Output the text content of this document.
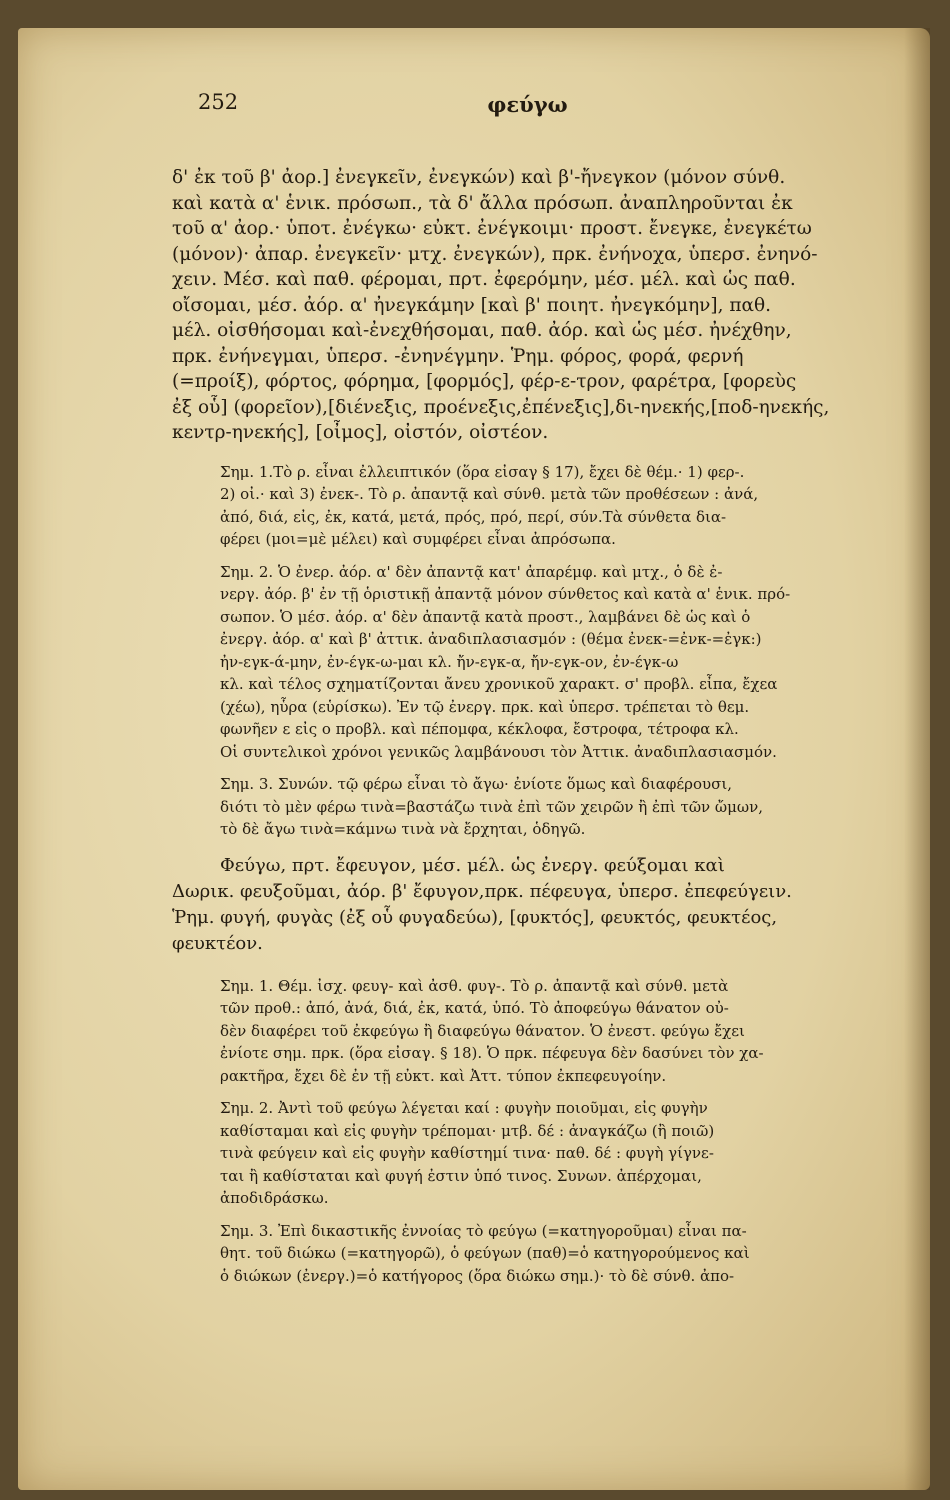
252	φεύγω
δ' ἐκ τοῦ β' ἀορ.] ἐνεγκεῖν, ἐνεγκών) καὶ β'-ἤνεγκον (μόνον σύνθ.
καὶ κατὰ α' ἑνικ. πρόσωπ., τὰ δ' ἄλλα πρόσωπ. ἀναπληροῦνται ἐκ
τοῦ α' ἀορ.· ὑποτ. ἐνέγκω· εὐκτ. ἐνέγκοιμι· προστ. ἔνεγκε, ἐνεγκέτω
(μόνον)· ἀπαρ. ἐνεγκεῖν· μτχ. ἐνεγκών), πρκ. ἐνήνοχα, ὑπερσ. ἐνηνό-
χειν. Μέσ. καὶ παθ. φέρομαι, πρτ. ἐφερόμην, μέσ. μέλ. καὶ ὡς παθ.
οἴσομαι, μέσ. ἀόρ. α' ἠνεγκάμην [καὶ β' ποιητ. ἠνεγκόμην], παθ.
μέλ. οἰσθήσομαι καὶ-ἐνεχθήσομαι, παθ. ἀόρ. καὶ ὡς μέσ. ἠνέχθην,
πρκ. ἐνήνεγμαι, ὑπερσ. -ἐνηνέγμην. Ῥημ. φόρος, φορά, φερνή
(=προίξ), φόρτος, φόρημα, [φορμός], φέρ-ε-τρον, φαρέτρα, [φορεὺς
ἐξ οὗ] (φορεῖον),[διένεξις, προένεξις,ἐπένεξις],δι-ηνεκής,[ποδ-ηνεκής,
κεντρ-ηνεκής], [οἶμος], οἰστόν, οἰστέον.
Σημ. 1.Τὸ ρ. εἶναι ἐλλειπτικόν (ὅρα εἰσαγ § 17), ἔχει δὲ θέμ.· 1) φερ-.
2) οἰ.· καὶ 3) ἐνεκ-. Τὸ ρ. ἀπαντᾷ καὶ σύνθ. μετὰ τῶν προθέσεων : ἀνά,
ἀπό, διά, εἰς, ἐκ, κατά, μετά, πρός, πρό, περί, σύν.Τὰ σύνθετα δια-
φέρει (μοι=μὲ μέλει) καὶ συμφέρει εἶναι ἀπρόσωπα.
Σημ. 2. Ὁ ἐνερ. ἀόρ. α' δὲν ἀπαντᾷ κατ' ἀπαρέμφ. καὶ μτχ., ὁ δὲ ἐ-
νεργ. ἀόρ. β' ἐν τῇ ὁριστικῇ ἀπαντᾷ μόνον σύνθετος καὶ κατὰ α' ἑνικ. πρό-
σωπον. Ὁ μέσ. ἀόρ. α' δὲν ἀπαντᾷ κατὰ προστ., λαμβάνει δὲ ὡς καὶ ὁ
ἐνεργ. ἀόρ. α' καὶ β' ἀττικ. ἀναδιπλασιασμόν : (θέμα ἐνεκ-=ἐνκ-=ἐγκ:)
ἠν-εγκ-ά-μην, ἐν-έγκ-ω-μαι κλ. ἤν-εγκ-α, ἤν-εγκ-ον, ἐν-έγκ-ω
κλ. καὶ τέλος σχηματίζονται ἄνευ χρονικοῦ χαρακτ. σ' προβλ. εἶπα, ἔχεα
(χέω), ηὗρα (εὑρίσκω). Ἐν τῷ ἐνεργ. πρκ. καὶ ὑπερσ. τρέπεται τὸ θεμ.
φωνῆεν ε εἰς ο προβλ. καὶ πέπομφα, κέκλοφα, ἔστροφα, τέτροφα κλ.
Οἱ συντελικοὶ χρόνοι γενικῶς λαμβάνουσι τὸν Ἀττικ. ἀναδιπλασιασμόν.
Σημ. 3. Συνών. τῷ φέρω εἶναι τὸ ἄγω· ἐνίοτε ὅμως καὶ διαφέρουσι,
διότι τὸ μὲν φέρω τινὰ=βαστάζω τινὰ ἐπὶ τῶν χειρῶν ἢ ἐπὶ τῶν ὤμων,
τὸ δὲ ἄγω τινὰ=κάμνω τινὰ νὰ ἔρχηται, ὁδηγῶ.
Φεύγω, πρτ. ἔφευγον, μέσ. μέλ. ὡς ἐνεργ. φεύξομαι καὶ
Δωρικ. φευξοῦμαι, ἀόρ. β' ἔφυγον,πρκ. πέφευγα, ὑπερσ. ἐπεφεύγειν.
Ῥημ. φυγή, φυγὰς (ἐξ οὗ φυγαδεύω), [φυκτός], φευκτός, φευκτέος,
φευκτέον.
Σημ. 1. Θέμ. ἰσχ. φευγ- καὶ ἀσθ. φυγ-. Τὸ ρ. ἀπαντᾷ καὶ σύνθ. μετὰ
τῶν προθ.: ἀπό, ἀνά, διά, ἐκ, κατά, ὑπό. Τὸ ἀποφεύγω θάνατον οὐ-
δὲν διαφέρει τοῦ ἐκφεύγω ἢ διαφεύγω θάνατον. Ὁ ἐνεστ. φεύγω ἔχει
ἐνίοτε σημ. πρκ. (ὅρα εἰσαγ. § 18). Ὁ πρκ. πέφευγα δὲν δασύνει τὸν χα-
ρακτῆρα, ἔχει δὲ ἐν τῇ εὐκτ. καὶ Ἀττ. τύπον ἐκπεφευγοίην.
Σημ. 2. Ἀντὶ τοῦ φεύγω λέγεται καί : φυγὴν ποιοῦμαι, εἰς φυγὴν
καθίσταμαι καὶ εἰς φυγὴν τρέπομαι· μτβ. δέ : ἀναγκάζω (ἢ ποιῶ)
τινὰ φεύγειν καὶ εἰς φυγὴν καθίστημί τινα· παθ. δέ : φυγὴ γίγνε-
ται ἢ καθίσταται καὶ φυγή ἐστιν ὑπό τινος. Συνων. ἀπέρχομαι,
ἀποδιδράσκω.
Σημ. 3. Ἐπὶ δικαστικῆς ἐννοίας τὸ φεύγω (=κατηγοροῦμαι) εἶναι πα-
θητ. τοῦ διώκω (=κατηγορῶ), ὁ φεύγων (παθ)=ὁ κατηγορούμενος καὶ
ὁ διώκων (ἐνεργ.)=ὁ κατήγορος (ὅρα διώκω σημ.)· τὸ δὲ σύνθ. ἀπο-
